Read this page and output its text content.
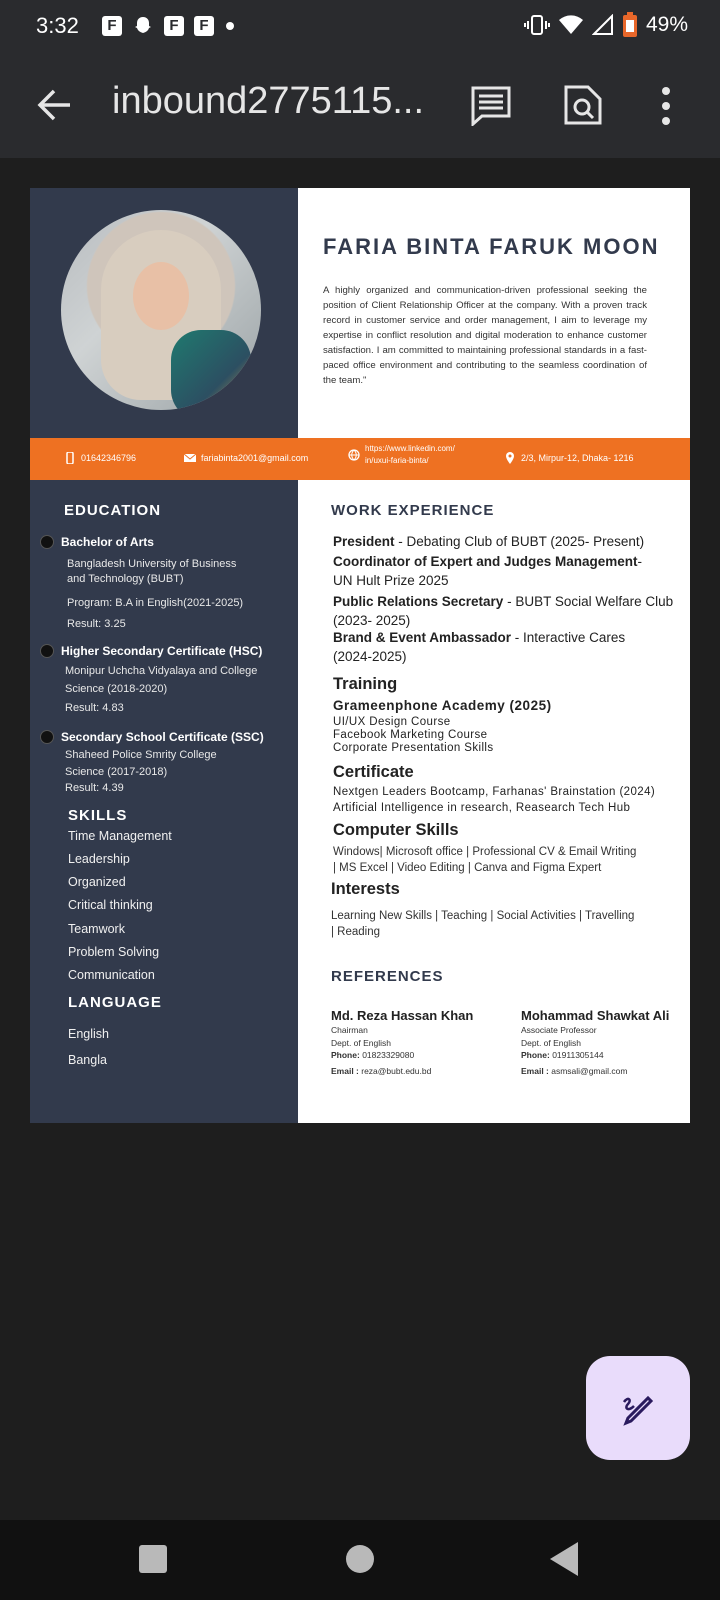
3:32	F	F	F	49%
inbound2775115...
FARIA BINTA FARUK MOON
A highly organized and communication-driven professional seeking the position of Client Relationship Officer at the company. With a proven track record in customer service and order management, I aim to leverage my expertise in conflict resolution and digital moderation to enhance customer satisfaction. I am committed to maintaining professional standards in a fast-paced office environment and contributing to the seamless coordination of the team."
01642346796	fariabinta2001@gmail.com
https://www.linkedin.com/
in/uxui-faria-binta/	2/3, Mirpur-12, Dhaka- 1216
EDUCATION
Bachelor of Arts
Bangladesh University of Business
and Technology (BUBT)
Program: B.A in English(2021-2025)
Result: 3.25
Higher Secondary Certificate (HSC)
Monipur Uchcha Vidyalaya and College
Science (2018-2020)
Result: 4.83
Secondary School Certificate (SSC)
Shaheed Police Smrity College
Science (2017-2018)
Result: 4.39
SKILLS
Time Management
Leadership
Organized
Critical thinking
Teamwork
Problem Solving
Communication
LANGUAGE
English
Bangla
WORK EXPERIENCE
President - Debating Club of BUBT (2025- Present)
Coordinator of Expert and Judges Management-
UN Hult Prize 2025
Public Relations Secretary - BUBT Social Welfare Club
(2023- 2025)
Brand & Event Ambassador - Interactive Cares
(2024-2025)
Training
Grameenphone Academy (2025)
UI/UX Design Course
Facebook Marketing Course
Corporate Presentation Skills
Certificate
Nextgen Leaders Bootcamp, Farhanas' Brainstation (2024)
Artificial Intelligence in research, Reasearch Tech Hub
Computer Skills
Windows| Microsoft office | Professional CV & Email Writing
| MS Excel | Video Editing | Canva and Figma Expert
Interests
Learning New Skills | Teaching | Social Activities | Travelling
| Reading
REFERENCES
Md. Reza Hassan Khan
Chairman
Dept. of English
Phone: 01823329080
Email : reza@bubt.edu.bd
Mohammad Shawkat Ali
Associate Professor
Dept. of English
Phone: 01911305144
Email : asmsali@gmail.com
